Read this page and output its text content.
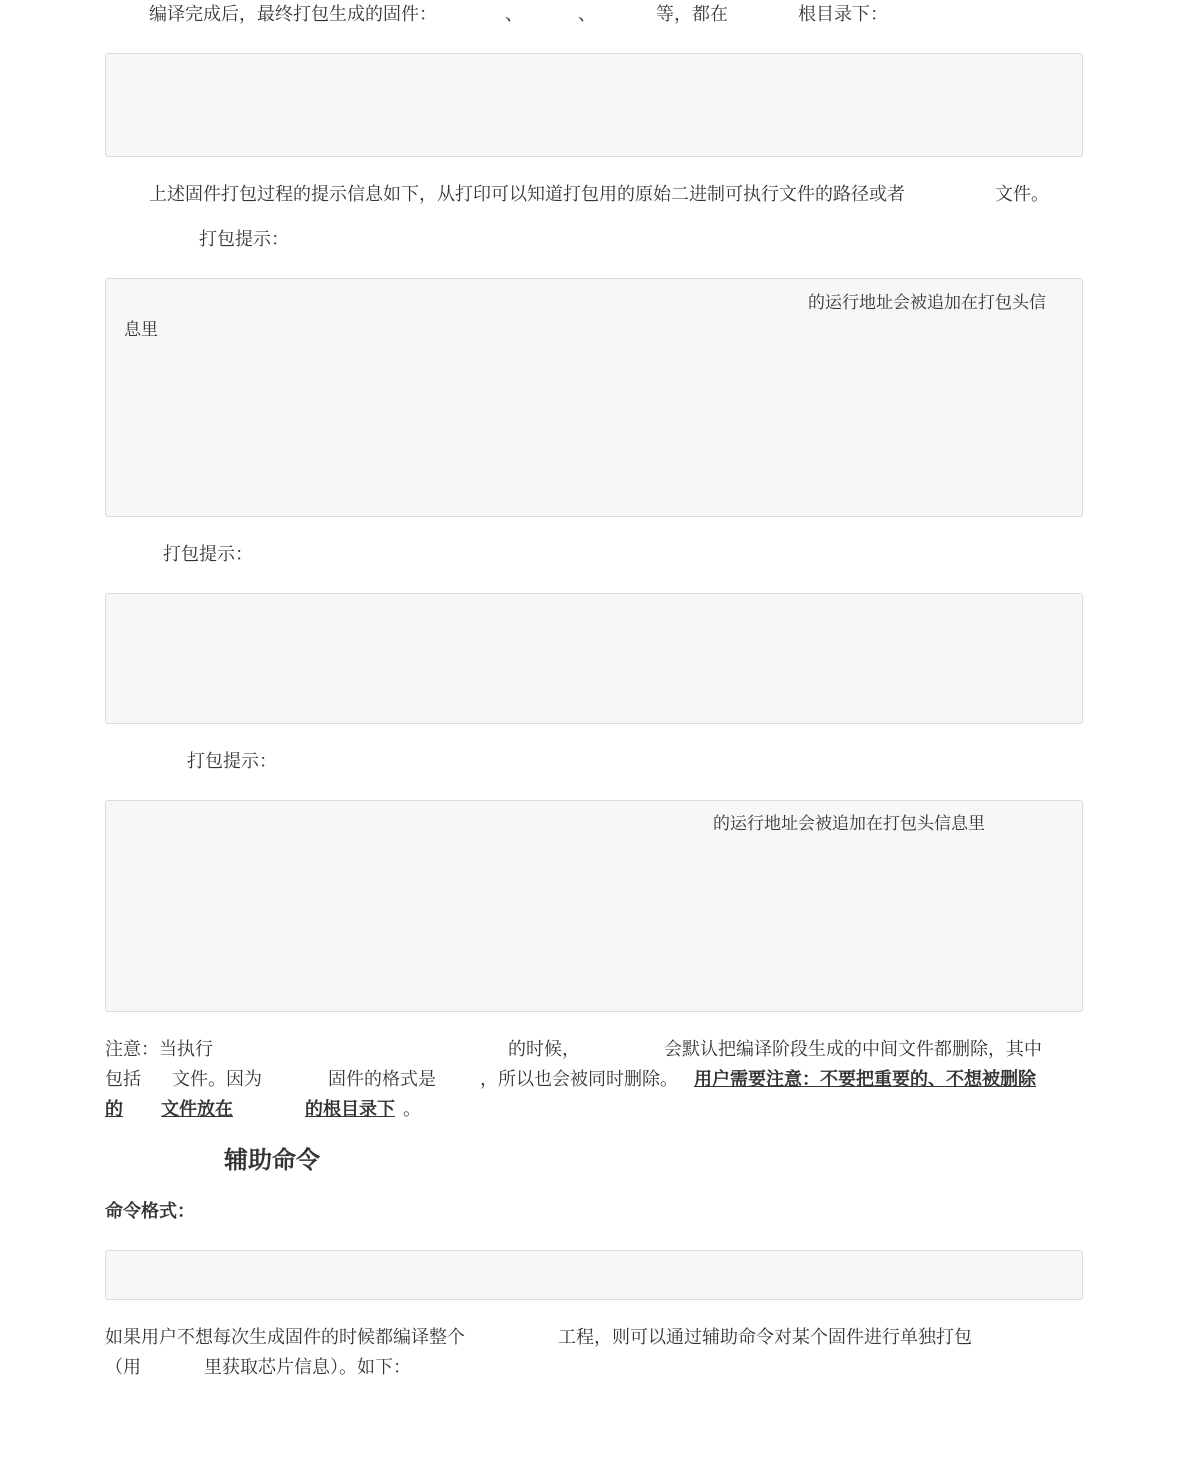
编译完成后，最终打包生成的固件：	、	、	等，都在	根目录下：
上述固件打包过程的提示信息如下，从打印可以知道打包用的原始二进制可执行文件的路径或者	文件。
打包提示：
的运行地址会被追加在打包头信
息里
打包提示：
打包提示：
的运行地址会被追加在打包头信息里
注意：当执行	的时候，	会默认把编译阶段生成的中间文件都删除，其中
包括 文件。因为	固件的格式是 ，所以也会被同时删除。 用户需要注意：不要把重要的、不想被删除
的 文件放在	的根目录下 。
辅助命令
命令格式：
如果用户不想每次生成固件的时候都编译整个	工程，则可以通过辅助命令对某个固件进行单独打包
（用	里获取芯片信息）。如下：
